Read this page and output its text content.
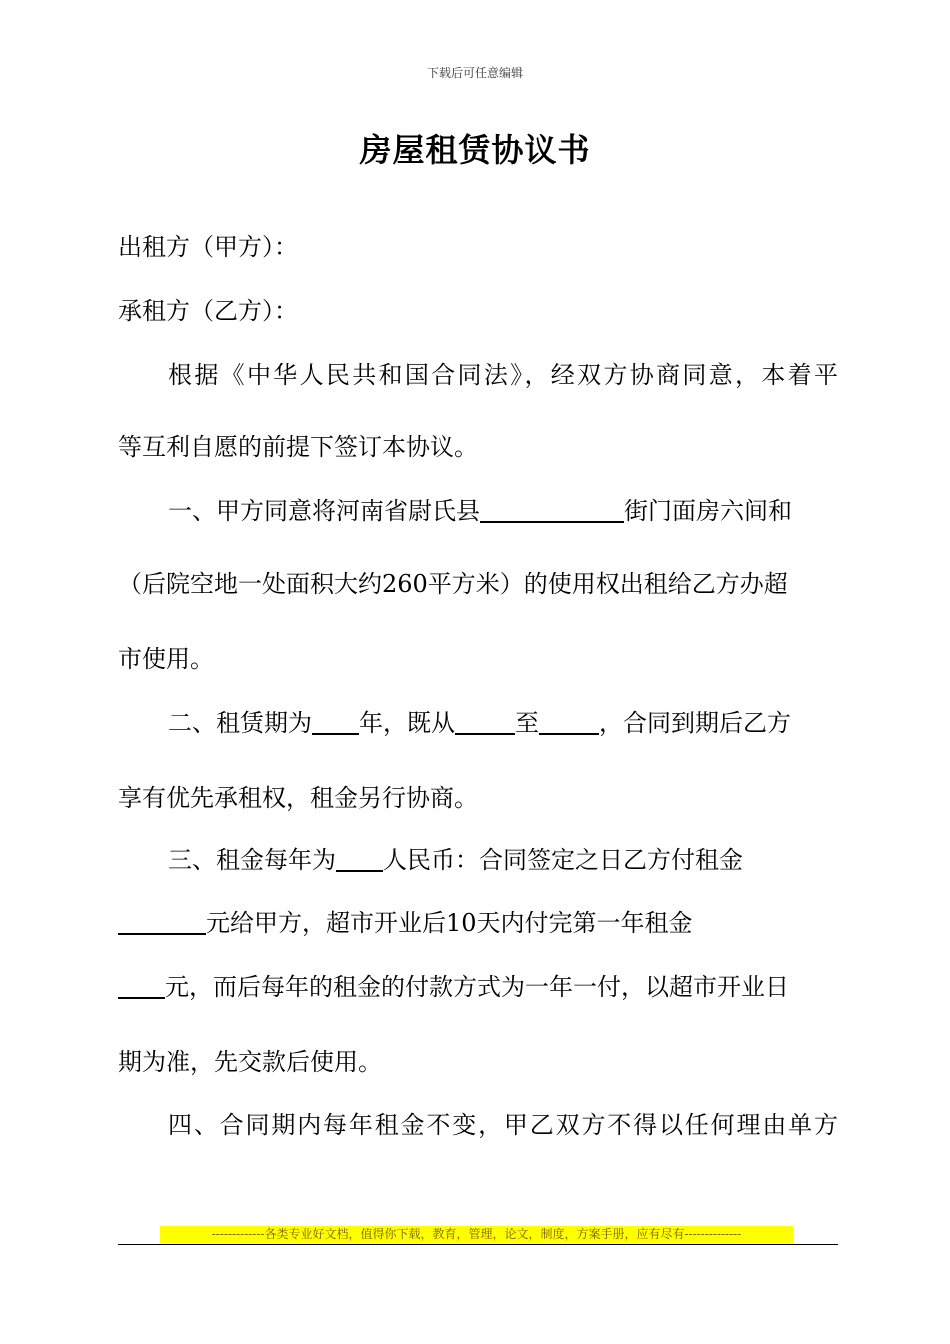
下载后可任意编辑
房屋租赁协议书
出租方（甲方）：
承租方（乙方）：
根据《中华人民共和国合同法》，经双方协商同意，本着平
等互利自愿的前提下签订本协议。
一、甲方同意将河南省尉氏县	街门面房六间和
（后院空地一处面积大约260平方米）的使用权出租给乙方办超
市使用。
二、租赁期为 年，既从	至	，合同到期后乙方
享有优先承租权，租金另行协商。
三、租金每年为 人民币：合同签定之日乙方付租金
元给甲方，超市开业后10天内付完第一年租金
元，而后每年的租金的付款方式为一年一付，以超市开业日
期为准，先交款后使用。
四、合同期内每年租金不变，甲乙双方不得以任何理由单方
-------------各类专业好文档，值得你下载，教育，管理，论文，制度，方案手册，应有尽有--------------
